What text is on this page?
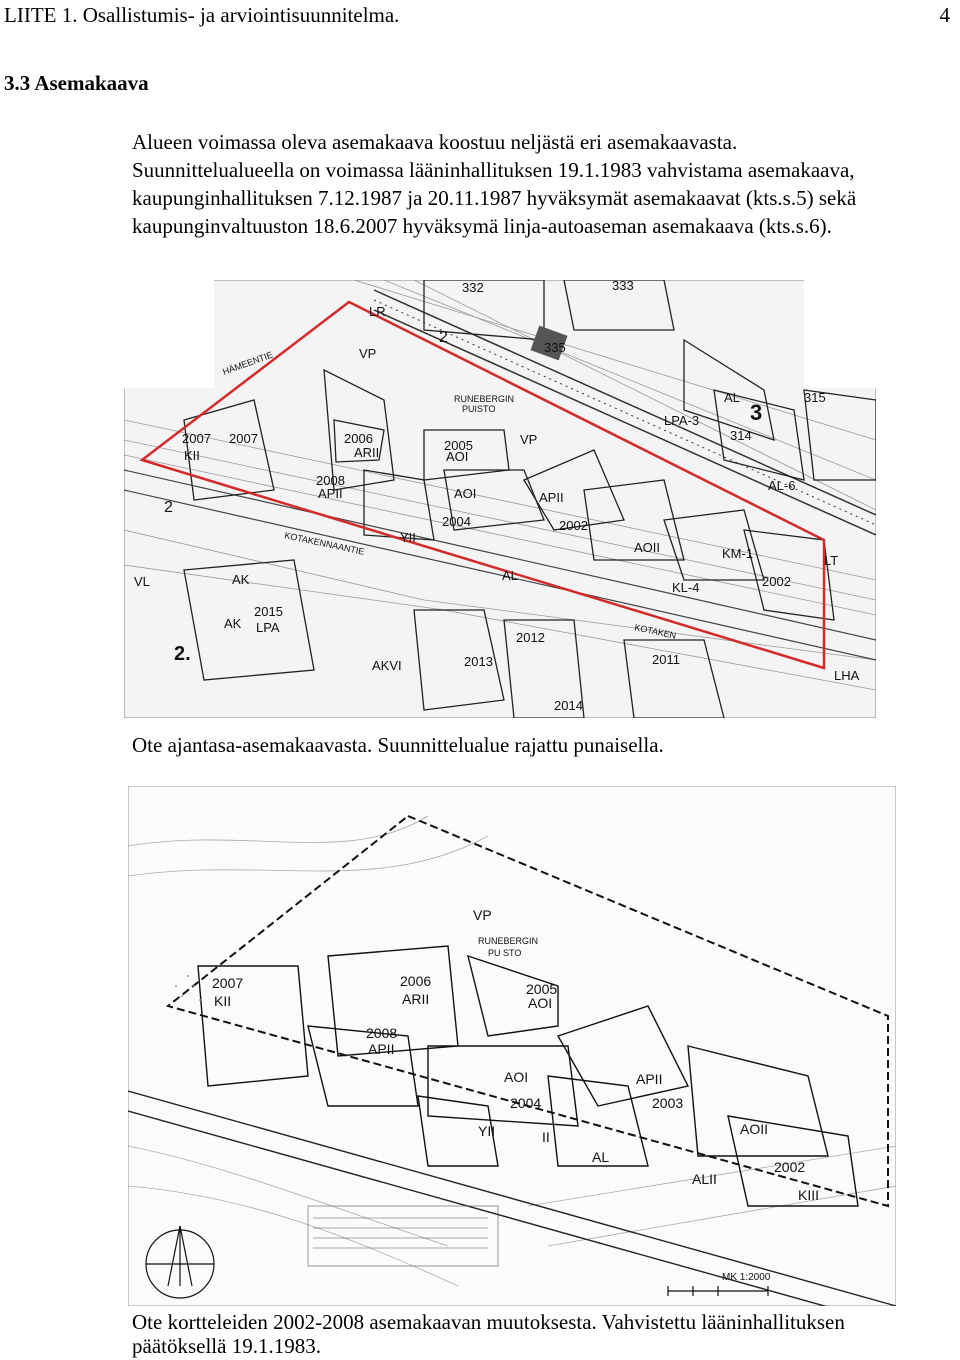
LIITE 1. Osallistumis- ja arviointisuunnitelma.	4
3.3 Asemakaava
Alueen voimassa oleva asemakaava koostuu neljästä eri asemakaavasta.
Suunnittelualueella on voimassa lääninhallituksen 19.1.1983 vahvistama asemakaava,
kaupunginhallituksen 7.12.1987 ja 20.11.1987 hyväksymät asemakaavat (kts.s.5) sekä
kaupunginvaltuuston 18.6.2007 hyväksymä linja-autoaseman asemakaava (kts.s.6).
VP
RUNEBERGIN
PUISTO
VP
HÄMEENTIE
KOTAKENNAANTIE
KOTAKEN
2007
KII
2007	2006
ARII	2005
AOI
2008
APII	AOI
2004
APII
YII
2002
AL
AOII	KM-1
KL-4	2002
2015
LPA
AK
AK
VL
2012
2013
AKVI	2011
2014
332	333
335
315
314
AL
LPA-3
AL-6
LT
LR
LHA
2
2
3
2.
Ote ajantasa-asemakaavasta. Suunnittelualue rajattu punaisella.
VP
RUNEBERGIN
PU STO
2007
KII
2006
ARII
2005
AOI
2008
APII
AOI
2004
APII
2003
YII	II
AL
ALII
AOII
2002
KIII
MK 1:2000
Ote kortteleiden 2002-2008 asemakaavan muutoksesta. Vahvistettu lääninhallituksen päätöksellä 19.1.1983.
